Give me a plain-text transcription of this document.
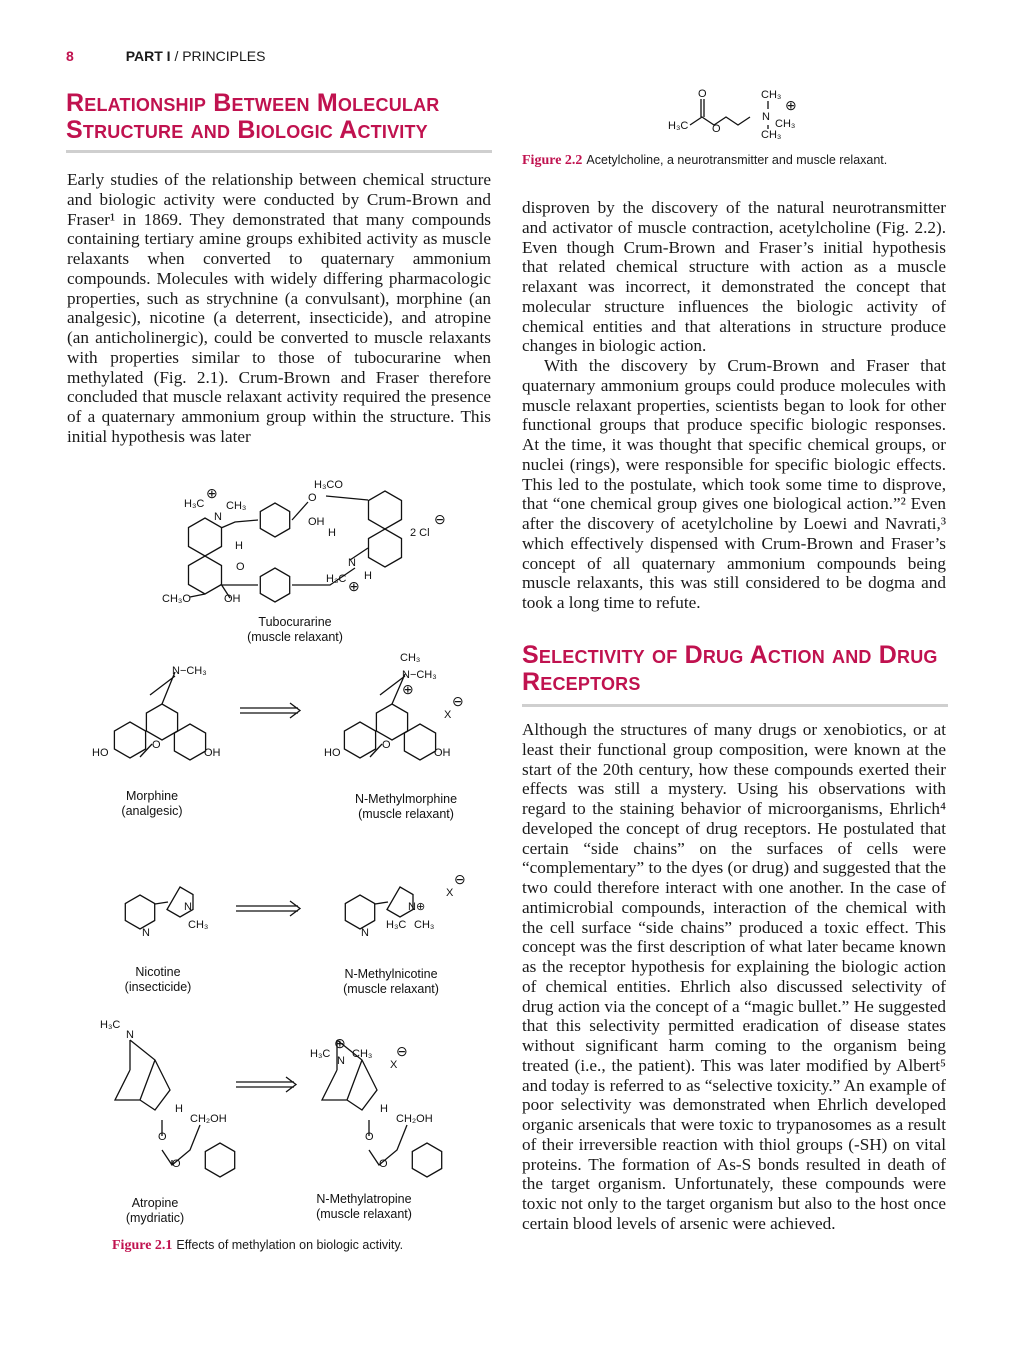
8	PART I / PRINCIPLES
Relationship Between Molecular Structure and Biologic Activity

Early studies of the relationship between chemical structure and biologic activity were conducted by Crum-Brown and Fraser¹ in 1869. They demonstrated that many compounds containing tertiary amine groups exhibited activity as muscle relaxants when converted to quaternary ammonium compounds. Molecules with widely differing pharmacologic properties, such as strychnine (a convulsant), morphine (an analgesic), nicotine (a deterrent, insecticide), and atropine (an anticholinergic), could be converted to muscle relaxants with properties similar to those of tubocurarine when methylated (Fig. 2.1). Crum-Brown and Fraser therefore concluded that muscle relaxant activity required the presence of a quaternary ammonium group within the structure. This initial hypothesis was later

O
H₃C O
CH₃
N
⊕
CH₃
CH₃
Figure 2.2 Acetylcholine, a neurotransmitter and muscle relaxant.

disproven by the discovery of the natural neurotransmitter and activator of muscle contraction, acetylcholine (Fig. 2.2). Even though Crum-Brown and Fraser’s initial hypothesis that related chemical structure with action as a muscle relaxant was incorrect, it demonstrated the concept that molecular structure influences the biologic activity of chemical entities and that alterations in structure produce changes in biologic action.

With the discovery by Crum-Brown and Fraser that quaternary ammonium groups could produce molecules with muscle relaxant properties, scientists began to look for other functional groups that produce specific biologic responses. At the time, it was thought that specific chemical groups, or nuclei (rings), were responsible for specific biologic effects. This led to the postulate, which took some time to disprove, that “one chemical group gives one biological action.”² Even after the discovery of acetylcholine by Loewi and Navrati,³ which effectively dispensed with Crum-Brown and Fraser’s concept of all quaternary ammonium compounds being muscle relaxants, this was still considered to be dogma and took a long time to refute.

Selectivity of Drug Action and Drug Receptors

Although the structures of many drugs or xenobiotics, or at least their functional group composition, were known at the start of the 20th century, how these compounds exerted their effects was still a mystery. Using his observations with regard to the staining behavior of microorganisms, Ehrlich⁴ developed the concept of drug receptors. He postulated that certain “side chains” on the surfaces of cells were “complementary” to the dyes (or drug) and suggested that the two could therefore interact with one another. In the case of antimicrobial compounds, interaction of the chemical with the cell surface “side chains” produced a toxic effect. This concept was the first description of what later became known as the receptor hypothesis for explaining the biologic action of chemical entities. Ehrlich also discussed selectivity of drug action via the concept of a “magic bullet.” He suggested that this selectivity permitted eradication of disease states without significant harm coming to the organism being treated (i.e., the patient). This was later modified by Albert⁵ and today is referred to as “selective toxicity.” An example of poor selectivity was demonstrated when Ehrlich developed organic arsenicals that were toxic to trypanosomes as a result of their irreversible reaction with thiol groups (-SH) on vital proteins. The formation of As-S bonds resulted in death of the target organism. Unfortunately, these compounds were toxic not only to the target organism but also to the host once certain blood levels of arsenic were achieved.

H₃C CH₃
N
H
H₃CO
O
OH
H
N
H
H₃C
O
CH₃O	OH
2 Cl
⊕
⊕
⊖
Tubocurarine
(muscle relaxant)
N−CH₃
HO
O
OH
Morphine
(analgesic)
CH₃
N−CH₃
⊕
X
⊖
HO
O
OH
N-Methylmorphine
(muscle relaxant)
N
N
CH₃
Nicotine
(insecticide)
N
N⊕
H₃C CH₃
X
⊖
N-Methylnicotine
(muscle relaxant)
H₃C
N
H
CH₂OH
O
O
Atropine
(mydriatic)
⊕
H₃C
N
CH₃
X
⊖
H
CH₂OH
O
O
N-Methylatropine
(muscle relaxant)
Figure 2.1 Effects of methylation on biologic activity.
